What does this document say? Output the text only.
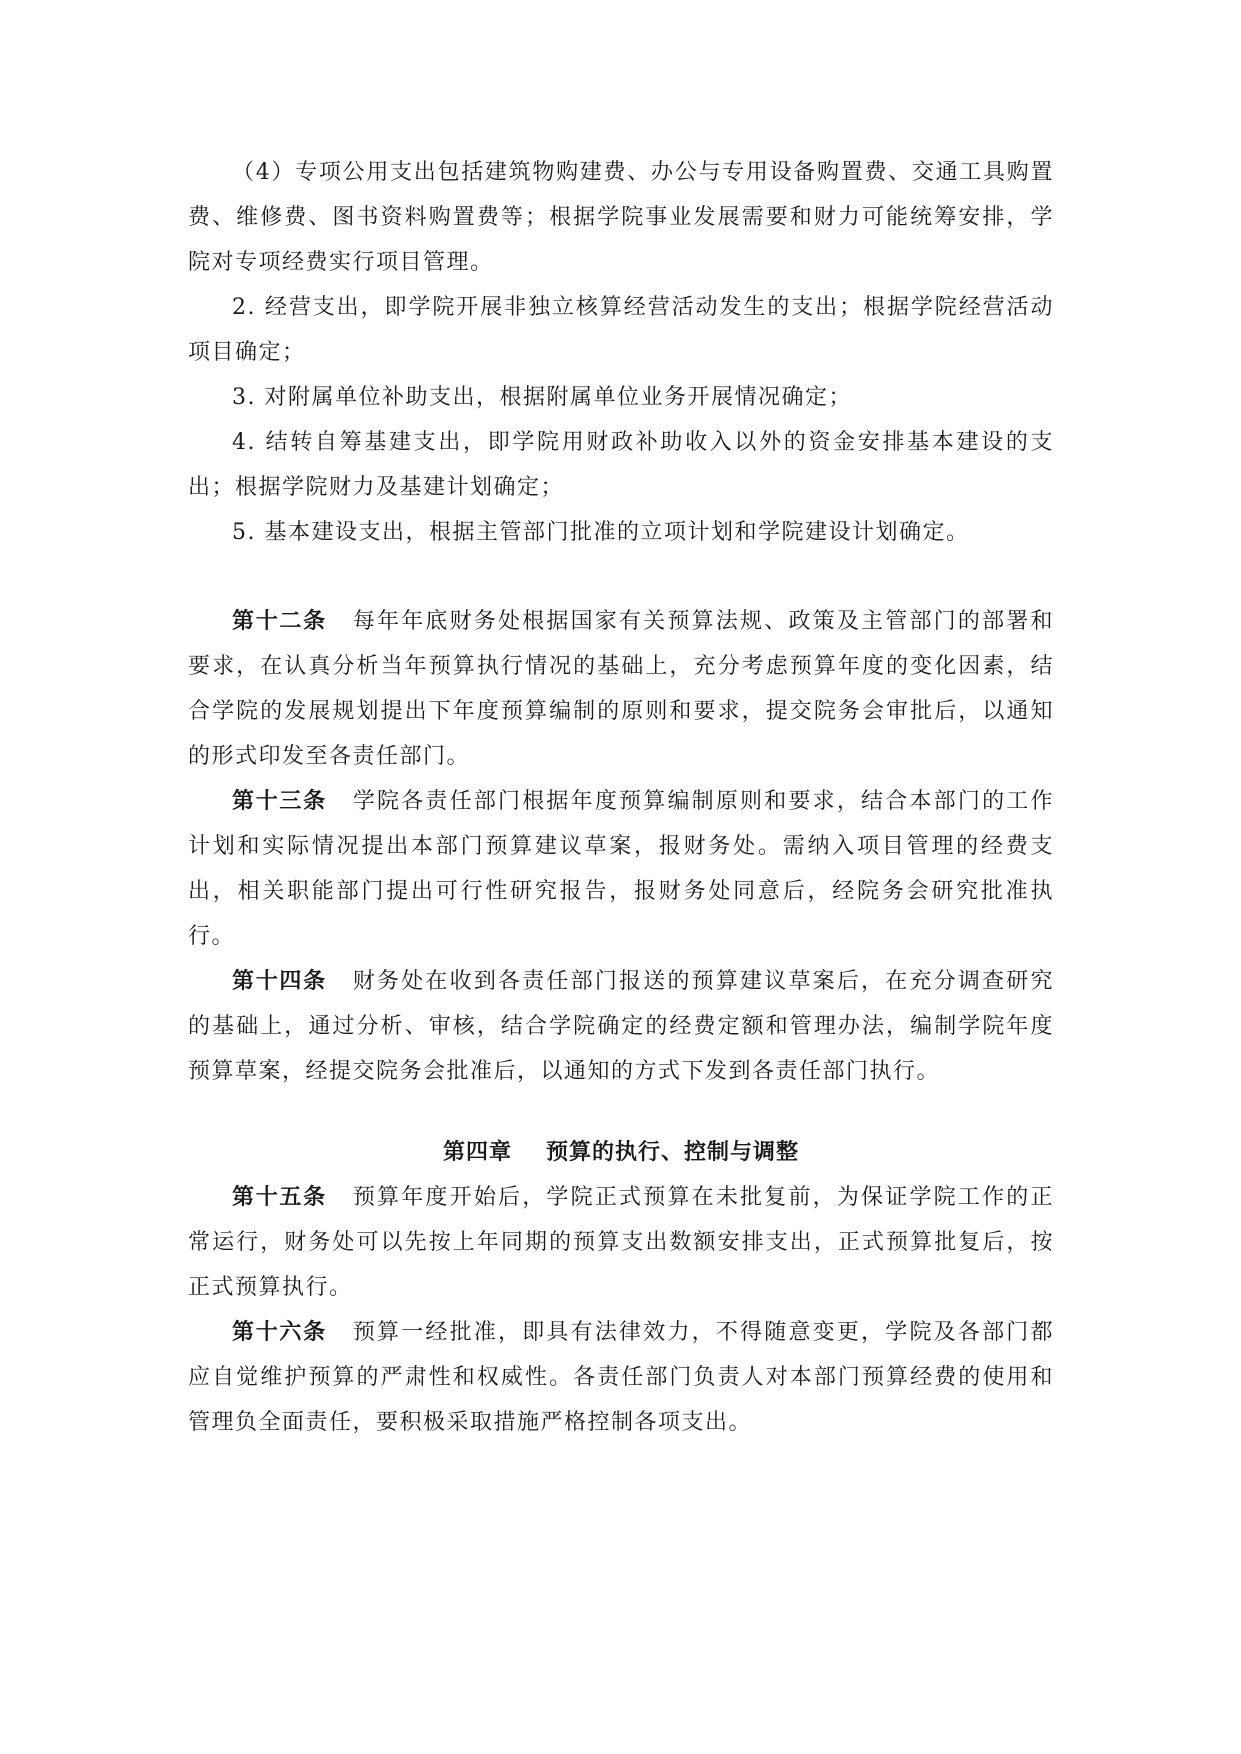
（4）专项公用支出包括建筑物购建费、办公与专用设备购置费、交通工具购置费、维修费、图书资料购置费等；根据学院事业发展需要和财力可能统筹安排，学院对专项经费实行项目管理。

2. 经营支出，即学院开展非独立核算经营活动发生的支出；根据学院经营活动项目确定；

3. 对附属单位补助支出，根据附属单位业务开展情况确定；

4. 结转自筹基建支出，即学院用财政补助收入以外的资金安排基本建设的支出；根据学院财力及基建计划确定；

5. 基本建设支出，根据主管部门批准的立项计划和学院建设计划确定。

第十二条 每年年底财务处根据国家有关预算法规、政策及主管部门的部署和要求，在认真分析当年预算执行情况的基础上，充分考虑预算年度的变化因素，结合学院的发展规划提出下年度预算编制的原则和要求，提交院务会审批后，以通知的形式印发至各责任部门。

第十三条 学院各责任部门根据年度预算编制原则和要求，结合本部门的工作计划和实际情况提出本部门预算建议草案，报财务处。需纳入项目管理的经费支出，相关职能部门提出可行性研究报告，报财务处同意后，经院务会研究批准执行。

第十四条 财务处在收到各责任部门报送的预算建议草案后，在充分调查研究的基础上，通过分析、审核，结合学院确定的经费定额和管理办法，编制学院年度预算草案，经提交院务会批准后，以通知的方式下发到各责任部门执行。

第四章 预算的执行、控制与调整

第十五条 预算年度开始后，学院正式预算在未批复前，为保证学院工作的正常运行，财务处可以先按上年同期的预算支出数额安排支出，正式预算批复后，按正式预算执行。

第十六条 预算一经批准，即具有法律效力，不得随意变更，学院及各部门都应自觉维护预算的严肃性和权威性。各责任部门负责人对本部门预算经费的使用和管理负全面责任，要积极采取措施严格控制各项支出。
